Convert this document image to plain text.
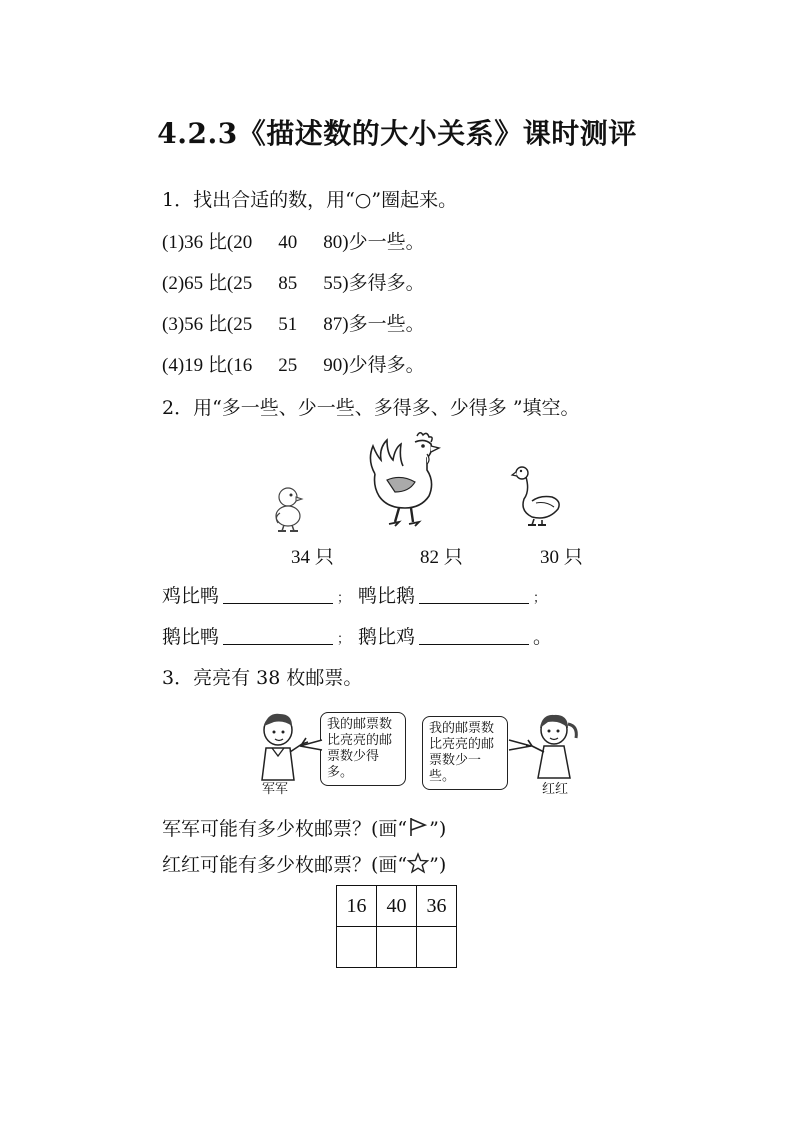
4.2.3《描述数的大小关系》课时测评
1．找出合适的数，用“○”圈起来。
(1)36 比(20 40 80)少一些。
(2)65 比(25 85 55)多得多。
(3)56 比(25 51 87)多一些。
(4)19 比(16 25 90)少得多。
2．用“多一些、少一些、多得多、少得多 ”填空。
34 只	82 只	30 只
鸡比鸭	； 鸭比鹅	；
鹅比鸭	； 鹅比鸡	。
3．亮亮有 38 枚邮票。
军军
我的邮票数
比亮亮的邮
票数少得多。
我的邮票数
比亮亮的邮
票数少一些。
红红
军军可能有多少枚邮票？(画“ ”)
红红可能有多少枚邮票？(画“ ”)
16	40	36
